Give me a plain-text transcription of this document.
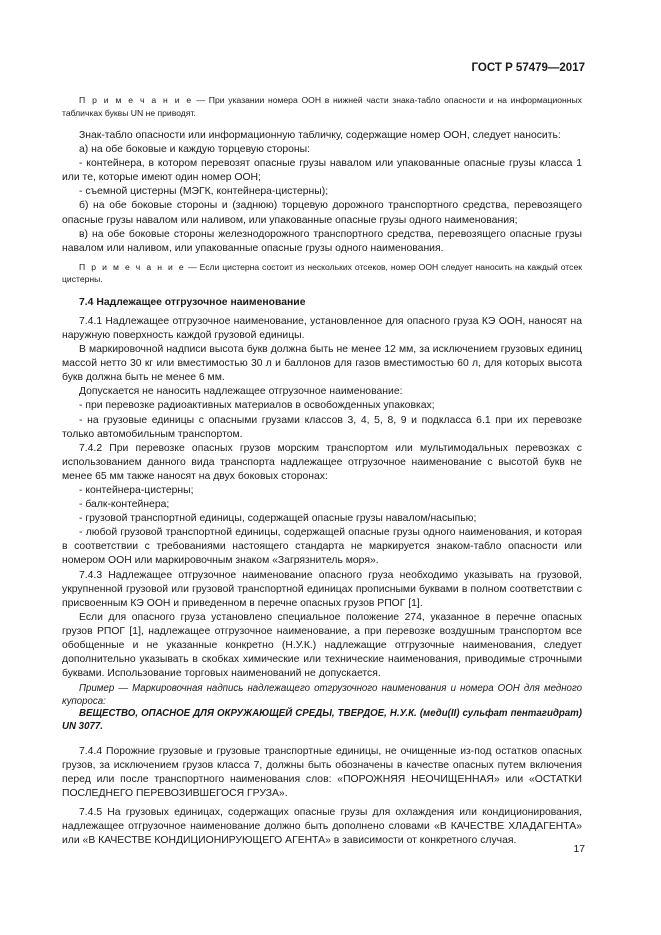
ГОСТ Р 57479—2017
П р и м е ч а н и е — При указании номера ООН в нижней части знака-табло опасности и на информационных табличках буквы UN не приводят.

Знак-табло опасности или информационную табличку, содержащие номер ООН, следует наносить:

а) на обе боковые и каждую торцевую стороны:

- контейнера, в котором перевозят опасные грузы навалом или упакованные опасные грузы класса 1 или те, которые имеют один номер ООН;

- съемной цистерны (МЭГК, контейнера-цистерны);

б) на обе боковые стороны и (заднюю) торцевую дорожного транспортного средства, перевозящего опасные грузы навалом или наливом, или упакованные опасные грузы одного наименования;

в) на обе боковые стороны железнодорожного транспортного средства, перевозящего опасные грузы навалом или наливом, или упакованные опасные грузы одного наименования.

П р и м е ч а н и е — Если цистерна состоит из нескольких отсеков, номер ООН следует наносить на каждый отсек цистерны.
7.4 Надлежащее отгрузочное наименование

7.4.1 Надлежащее отгрузочное наименование, установленное для опасного груза КЭ ООН, наносят на наружную поверхность каждой грузовой единицы.

В маркировочной надписи высота букв должна быть не менее 12 мм, за исключением грузовых единиц массой нетто 30 кг или вместимостью 30 л и баллонов для газов вместимостью 60 л, для которых высота букв должна быть не менее 6 мм.

Допускается не наносить надлежащее отгрузочное наименование:

- при перевозке радиоактивных материалов в освобожденных упаковках;

- на грузовые единицы с опасными грузами классов 3, 4, 5, 8, 9 и подкласса 6.1 при их перевозке только автомобильным транспортом.

7.4.2 При перевозке опасных грузов морским транспортом или мультимодальных перевозках с использованием данного вида транспорта надлежащее отгрузочное наименование с высотой букв не менее 65 мм также наносят на двух боковых сторонах:

- контейнера-цистерны;

- балк-контейнера;

- грузовой транспортной единицы, содержащей опасные грузы навалом/насыпью;

- любой грузовой транспортной единицы, содержащей опасные грузы одного наименования, и которая в соответствии с требованиями настоящего стандарта не маркируется знаком-табло опасности или номером ООН или маркировочным знаком «Загрязнитель моря».

7.4.3 Надлежащее отгрузочное наименование опасного груза необходимо указывать на грузовой, укрупненной грузовой или грузовой транспортной единицах прописными буквами в полном соответствии с присвоенным КЭ ООН и приведенном в перечне опасных грузов РПОГ [1].

Если для опасного груза установлено специальное положение 274, указанное в перечне опасных грузов РПОГ [1], надлежащее отгрузочное наименование, а при перевозке воздушным транспортом все обобщенные и не указанные конкретно (Н.У.К.) надлежащие отгрузочные наименования, следует дополнительно указывать в скобках химические или технические наименования, приводимые строчными буквами. Использование торговых наименований не допускается.

Пример — Маркировочная надпись надлежащего отгрузочного наименования и номера ООН для медного купороса:
ВЕЩЕСТВО, ОПАСНОЕ ДЛЯ ОКРУЖАЮЩЕЙ СРЕДЫ, ТВЕРДОЕ, Н.У.К. (меди(II) сульфат пентагидрат) UN 3077.

7.4.4 Порожние грузовые и грузовые транспортные единицы, не очищенные из-под остатков опасных грузов, за исключением грузов класса 7, должны быть обозначены в качестве опасных путем включения перед или после транспортного наименования слов: «ПОРОЖНЯЯ НЕОЧИЩЕННАЯ» или «ОСТАТКИ ПОСЛЕДНЕГО ПЕРЕВОЗИВШЕГОСЯ ГРУЗА».

7.4.5 На грузовых единицах, содержащих опасные грузы для охлаждения или кондиционирования, надлежащее отгрузочное наименование должно быть дополнено словами «В КАЧЕСТВЕ ХЛАДАГЕНТА» или «В КАЧЕСТВЕ КОНДИЦИОНИРУЮЩЕГО АГЕНТА» в зависимости от конкретного случая.

17
